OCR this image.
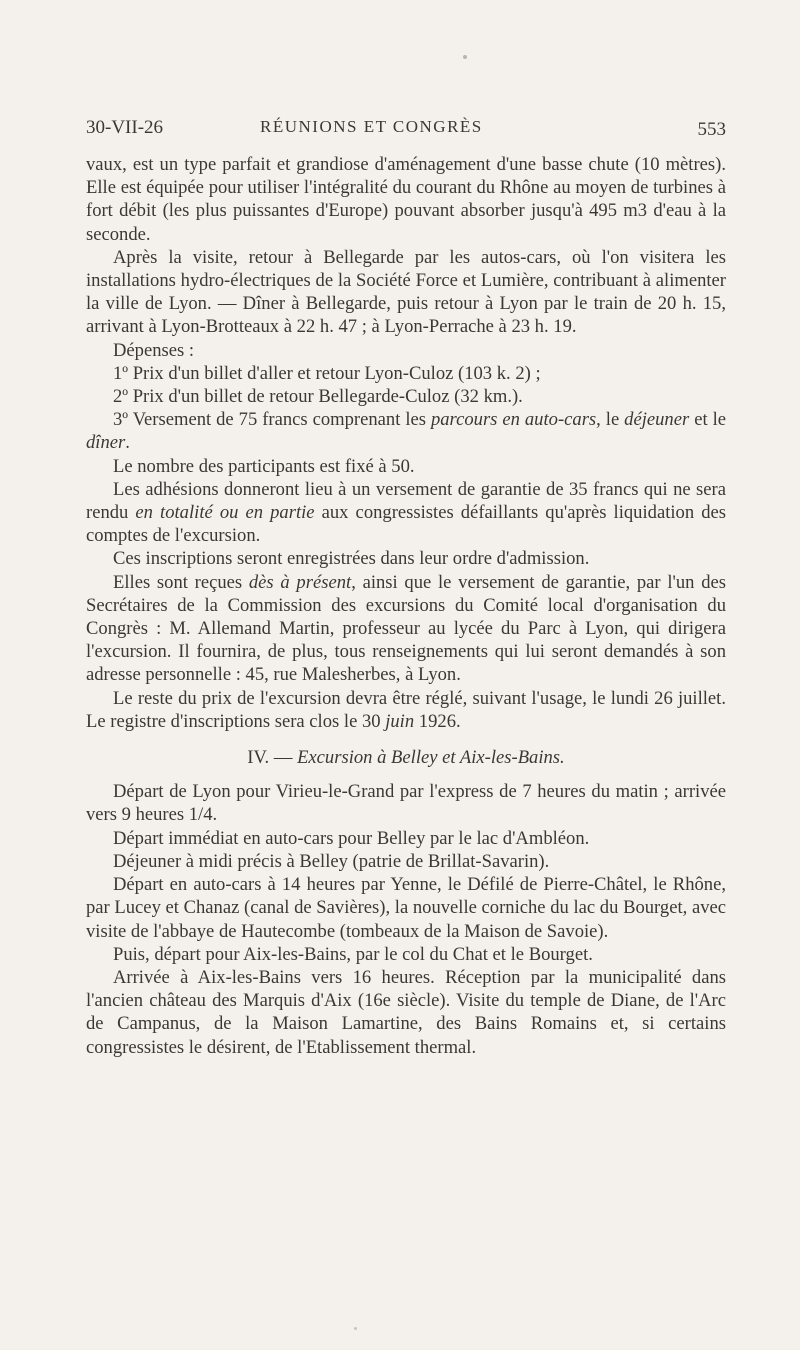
30-VII-26	RÉUNIONS ET CONGRÈS	553

vaux, est un type parfait et grandiose d'aménagement d'une basse chute (10 mètres). Elle est équipée pour utiliser l'intégralité du courant du Rhône au moyen de turbines à fort débit (les plus puissantes d'Europe) pouvant absorber jusqu'à 495 m3 d'eau à la seconde.

Après la visite, retour à Bellegarde par les autos-cars, où l'on visitera les installations hydro-électriques de la Société Force et Lumière, contribuant à alimenter la ville de Lyon. — Dîner à Bellegarde, puis retour à Lyon par le train de 20 h. 15, arrivant à Lyon-Brotteaux à 22 h. 47 ; à Lyon-Perrache à 23 h. 19.

Dépenses :

1º Prix d'un billet d'aller et retour Lyon-Culoz (103 k. 2) ;

2º Prix d'un billet de retour Bellegarde-Culoz (32 km.).

3º Versement de 75 francs comprenant les parcours en auto-cars, le déjeuner et le dîner.

Le nombre des participants est fixé à 50.

Les adhésions donneront lieu à un versement de garantie de 35 francs qui ne sera rendu en totalité ou en partie aux congressistes défaillants qu'après liquidation des comptes de l'excursion.

Ces inscriptions seront enregistrées dans leur ordre d'admission.

Elles sont reçues dès à présent, ainsi que le versement de garantie, par l'un des Secrétaires de la Commission des excursions du Comité local d'organisation du Congrès : M. Allemand Martin, professeur au lycée du Parc à Lyon, qui dirigera l'excursion. Il fournira, de plus, tous renseignements qui lui seront demandés à son adresse personnelle : 45, rue Malesherbes, à Lyon.

Le reste du prix de l'excursion devra être réglé, suivant l'usage, le lundi 26 juillet. Le registre d'inscriptions sera clos le 30 juin 1926.

IV. — Excursion à Belley et Aix-les-Bains.

Départ de Lyon pour Virieu-le-Grand par l'express de 7 heures du matin ; arrivée vers 9 heures 1/4.

Départ immédiat en auto-cars pour Belley par le lac d'Ambléon.

Déjeuner à midi précis à Belley (patrie de Brillat-Savarin).

Départ en auto-cars à 14 heures par Yenne, le Défilé de Pierre-Châtel, le Rhône, par Lucey et Chanaz (canal de Savières), la nouvelle corniche du lac du Bourget, avec visite de l'abbaye de Hautecombe (tombeaux de la Maison de Savoie).

Puis, départ pour Aix-les-Bains, par le col du Chat et le Bourget.

Arrivée à Aix-les-Bains vers 16 heures. Réception par la municipalité dans l'ancien château des Marquis d'Aix (16e siècle). Visite du temple de Diane, de l'Arc de Campanus, de la Maison Lamartine, des Bains Romains et, si certains congressistes le désirent, de l'Etablissement thermal.
